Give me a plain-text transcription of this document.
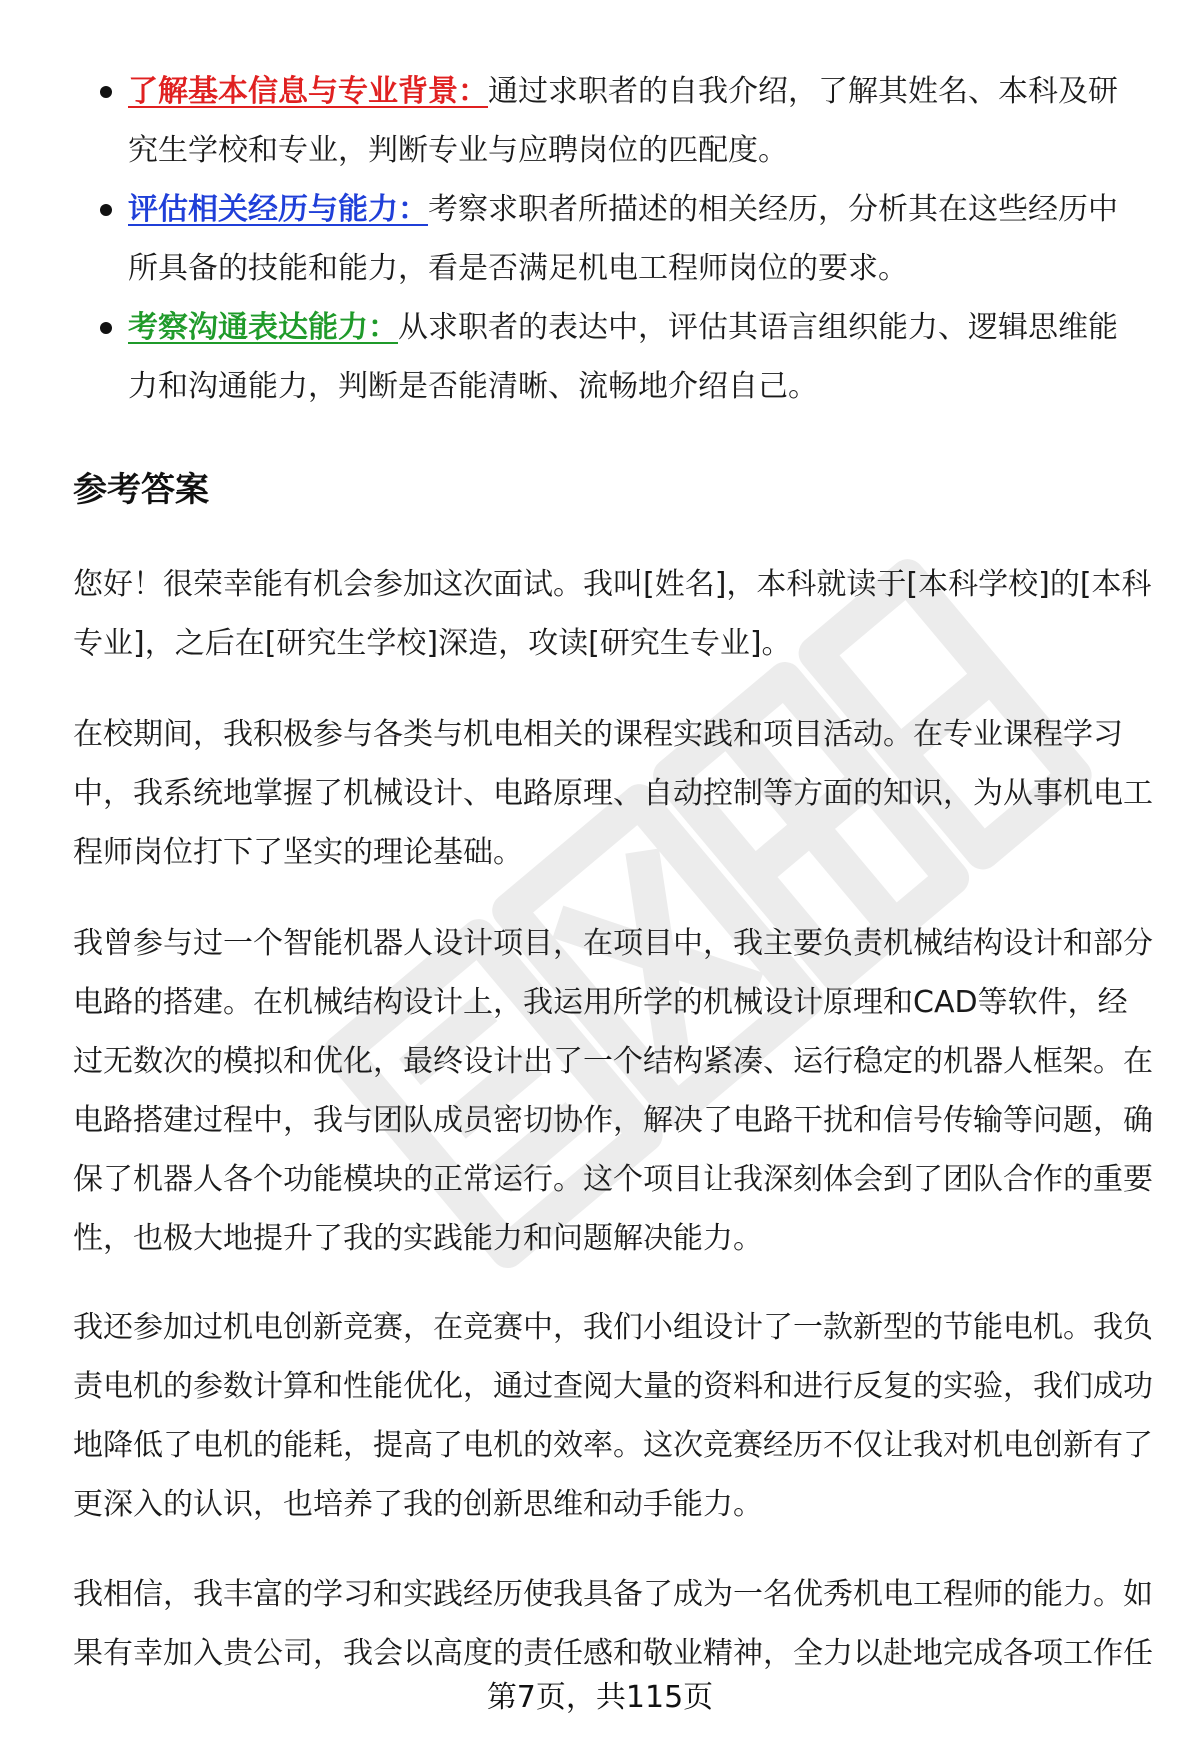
了解基本信息与专业背景：通过求职者的自我介绍，了解其姓名、本科及研究生学校和专业，判断专业与应聘岗位的匹配度。
评估相关经历与能力：考察求职者所描述的相关经历，分析其在这些经历中所具备的技能和能力，看是否满足机电工程师岗位的要求。
考察沟通表达能力：从求职者的表达中，评估其语言组织能力、逻辑思维能力和沟通能力，判断是否能清晰、流畅地介绍自己。
参考答案

您好！很荣幸能有机会参加这次面试。我叫[姓名]，本科就读于[本科学校]的[本科专业]，之后在[研究生学校]深造，攻读[研究生专业]。

在校期间，我积极参与各类与机电相关的课程实践和项目活动。在专业课程学习中，我系统地掌握了机械设计、电路原理、自动控制等方面的知识，为从事机电工程师岗位打下了坚实的理论基础。

我曾参与过一个智能机器人设计项目，在项目中，我主要负责机械结构设计和部分电路的搭建。在机械结构设计上，我运用所学的机械设计原理和CAD等软件，经过无数次的模拟和优化，最终设计出了一个结构紧凑、运行稳定的机器人框架。在电路搭建过程中，我与团队成员密切协作，解决了电路干扰和信号传输等问题，确保了机器人各个功能模块的正常运行。这个项目让我深刻体会到了团队合作的重要性，也极大地提升了我的实践能力和问题解决能力。

我还参加过机电创新竞赛，在竞赛中，我们小组设计了一款新型的节能电机。我负责电机的参数计算和性能优化，通过查阅大量的资料和进行反复的实验，我们成功地降低了电机的能耗，提高了电机的效率。这次竞赛经历不仅让我对机电创新有了更深入的认识，也培养了我的创新思维和动手能力。

我相信，我丰富的学习和实践经历使我具备了成为一名优秀机电工程师的能力。如果有幸加入贵公司，我会以高度的责任感和敬业精神，全力以赴地完成各项工作任

第7页，共115页
